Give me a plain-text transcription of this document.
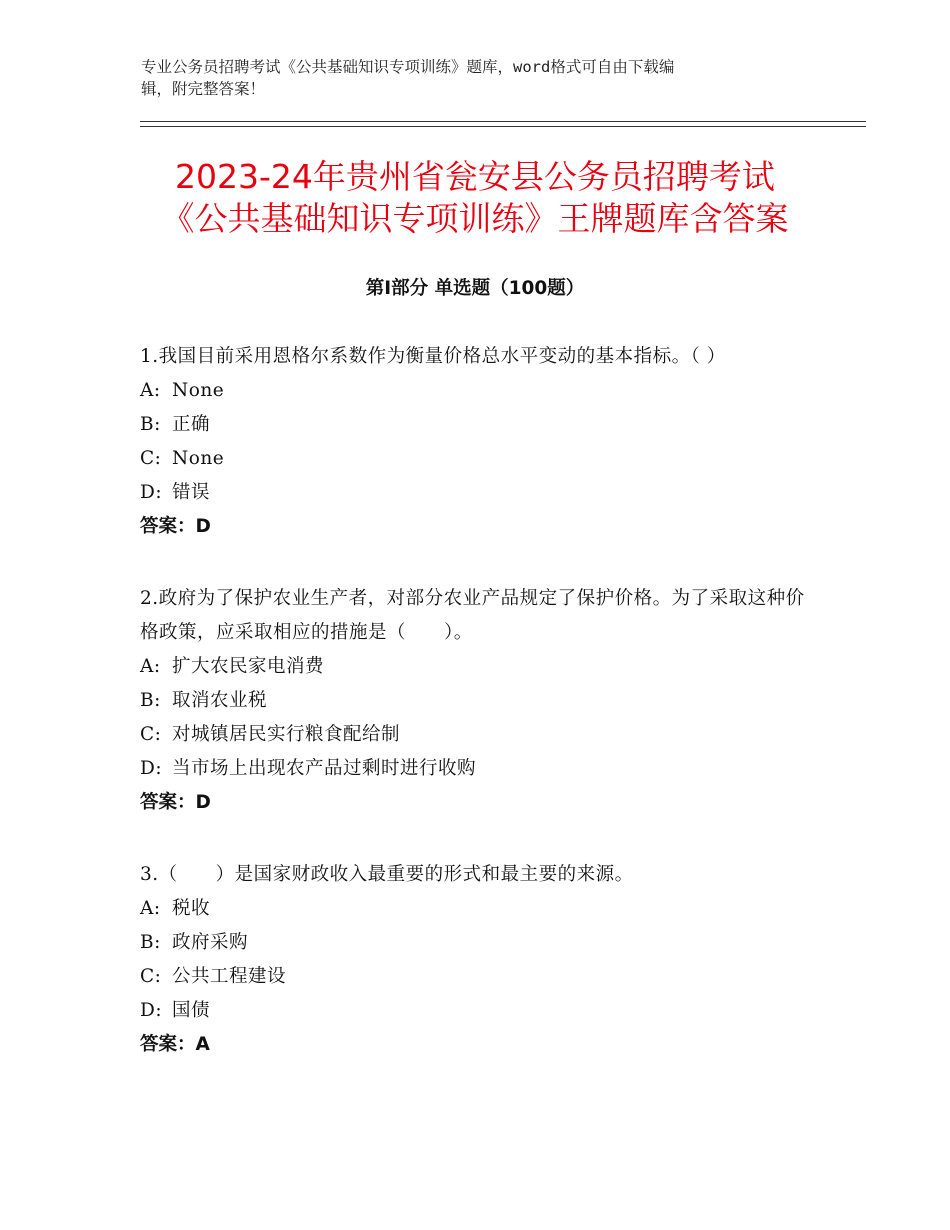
专业公务员招聘考试《公共基础知识专项训练》题库，word格式可自由下载编
辑，附完整答案！
2023-24年贵州省瓮安县公务员招聘考试
《公共基础知识专项训练》王牌题库含答案
第Ⅰ部分 单选题（100题）

1.我国目前采用恩格尔系数作为衡量价格总水平变动的基本指标。（ ）

A: None

B: 正确

C: None

D: 错误

答案：D

2.政府为了保护农业生产者，对部分农业产品规定了保护价格。为了采取这种价格政策，应采取相应的措施是（　　）。

A: 扩大农民家电消费

B: 取消农业税

C: 对城镇居民实行粮食配给制

D: 当市场上出现农产品过剩时进行收购

答案：D

3.（　　）是国家财政收入最重要的形式和最主要的来源。

A: 税收

B: 政府采购

C: 公共工程建设

D: 国债

答案：A
